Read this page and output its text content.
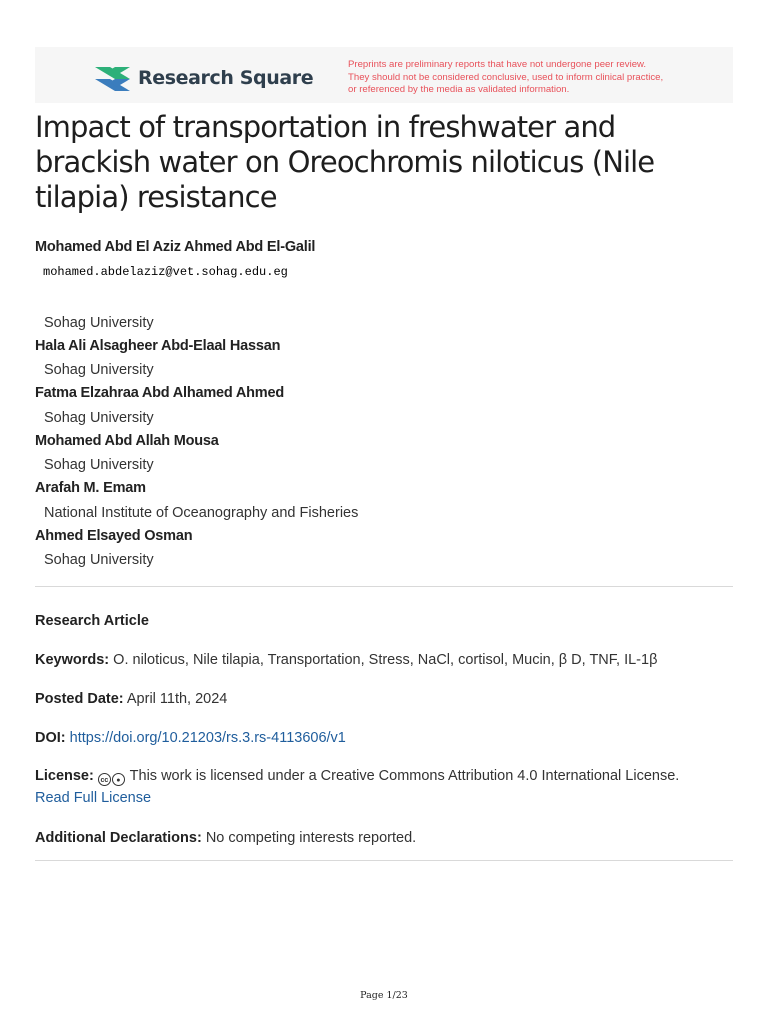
Research Square
Preprints are preliminary reports that have not undergone peer review.
They should not be considered conclusive, used to inform clinical practice,
or referenced by the media as validated information.
Impact of transportation in freshwater and brackish water on Oreochromis niloticus (Nile tilapia) resistance
Mohamed Abd El Aziz Ahmed Abd El-Galil
mohamed.abdelaziz@vet.sohag.edu.eg
Sohag University
Hala Ali Alsagheer Abd-Elaal Hassan
Sohag University
Fatma Elzahraa Abd Alhamed Ahmed
Sohag University
Mohamed Abd Allah Mousa
Sohag University
Arafah M. Emam
National Institute of Oceanography and Fisheries
Ahmed Elsayed Osman
Sohag University
Research Article
Keywords: O. niloticus, Nile tilapia, Transportation, Stress, NaCl, cortisol, Mucin, β D, TNF, IL-1β
Posted Date: April 11th, 2024
DOI: https://doi.org/10.21203/rs.3.rs-4113606/v1
License: cc ● This work is licensed under a Creative Commons Attribution 4.0 International License.
Read Full License
Additional Declarations: No competing interests reported.
Page 1/23
